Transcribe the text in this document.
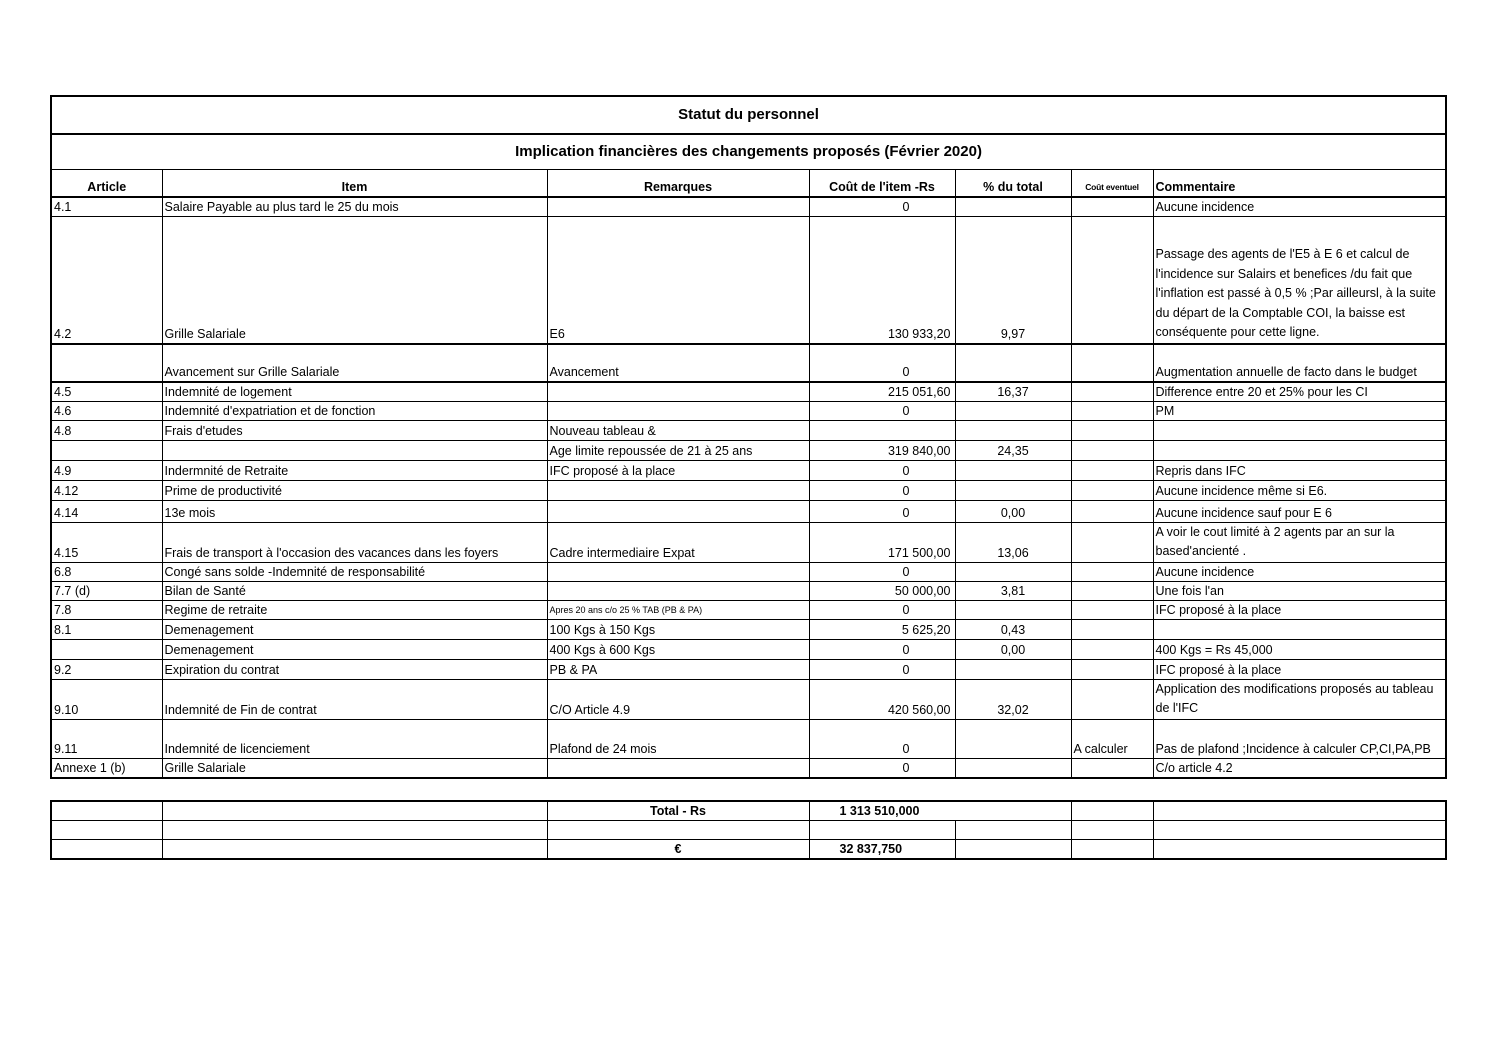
Statut du personnel						
Implication financières des changements proposés (Février 2020)						
Article	Item	Remarques	Coût de l'item -Rs	% du total	Coût eventuel	Commentaire
4.1	Salaire Payable au plus tard le 25 du mois		0			Aucune incidence
4.2	Grille Salariale	E6	130 933,20	9,97		Passage des agents de l'E5 à E 6 et calcul de l'incidence sur Salairs et benefices /du fait que l'inflation est passé à 0,5 % ;Par ailleursl, à la suite du départ de la Comptable COI, la baisse est conséquente pour cette ligne.
	Avancement sur Grille Salariale	Avancement	0			Augmentation annuelle de facto dans le budget
4.5	Indemnité de logement		215 051,60	16,37		Difference entre 20 et 25% pour les CI
4.6	Indemnité d'expatriation et de fonction		0			PM
4.8	Frais d'etudes	Nouveau tableau &				
		Age limite repoussée de 21 à 25 ans	319 840,00	24,35		
4.9	Indermnité de Retraite	IFC proposé à la place	0			Repris dans IFC
4.12	Prime de productivité		0			Aucune incidence même si E6.
4.14	13e mois		0	0,00		Aucune incidence sauf pour E 6
4.15	Frais de transport à l'occasion des vacances dans les foyers	Cadre intermediaire Expat	171 500,00	13,06		A voir le cout limité à 2 agents par an sur la based'ancienté .
6.8	Congé sans solde -Indemnité de responsabilité		0			Aucune incidence
7.7 (d)	Bilan de Santé		50 000,00	3,81		Une fois l'an
7.8	Regime de retraite	Apres 20 ans c/o 25 % TAB (PB & PA)	0			IFC proposé à la place
8.1	Demenagement	100 Kgs à 150 Kgs	5 625,20	0,43		
	Demenagement	400 Kgs à 600 Kgs	0	0,00		400 Kgs = Rs 45,000
9.2	Expiration du contrat	PB & PA	0			IFC proposé à la place
9.10	Indemnité de Fin de contrat	C/O Article 4.9	420 560,00	32,02		Application des modifications proposés au tableau de l'IFC
9.11	Indemnité de licenciement	Plafond de 24 mois	0		A calculer	Pas de plafond ;Incidence à calculer CP,CI,PA,PB
Annexe 1 (b)	Grille Salariale		0			C/o article 4.2
		Total - Rs	1 313 510,000			

		€	32 837,750			
